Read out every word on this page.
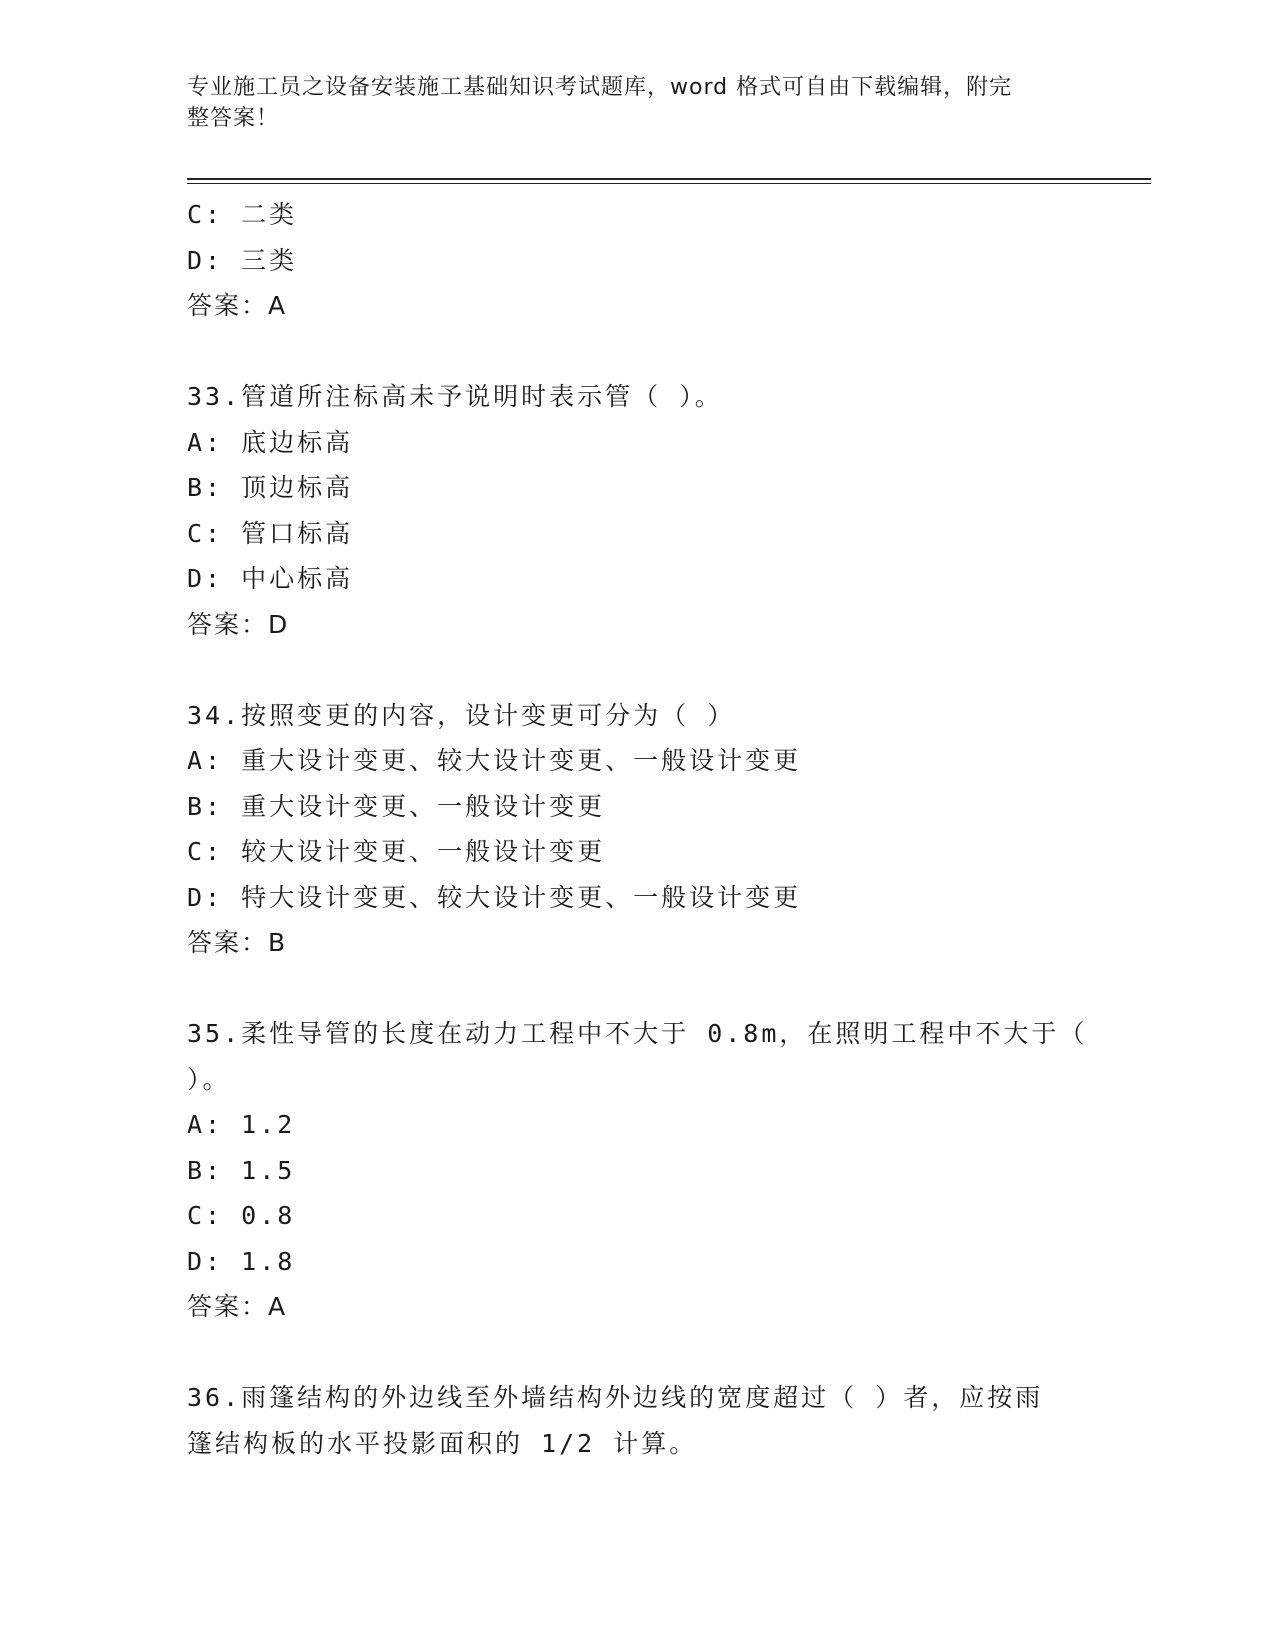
专业施工员之设备安装施工基础知识考试题库，word 格式可自由下载编辑，附完
整答案！
C: 二类
D: 三类
答案：A
33.管道所注标高未予说明时表示管（ ）。
A: 底边标高
B: 顶边标高
C: 管口标高
D: 中心标高
答案：D
34.按照变更的内容，设计变更可分为（ ）
A: 重大设计变更、较大设计变更、一般设计变更
B: 重大设计变更、一般设计变更
C: 较大设计变更、一般设计变更
D: 特大设计变更、较大设计变更、一般设计变更
答案：B
35.柔性导管的长度在动力工程中不大于 0.8m，在照明工程中不大于（
）。
A: 1.2
B: 1.5
C: 0.8
D: 1.8
答案：A
36.雨篷结构的外边线至外墙结构外边线的宽度超过（ ）者，应按雨
篷结构板的水平投影面积的 1/2 计算。
